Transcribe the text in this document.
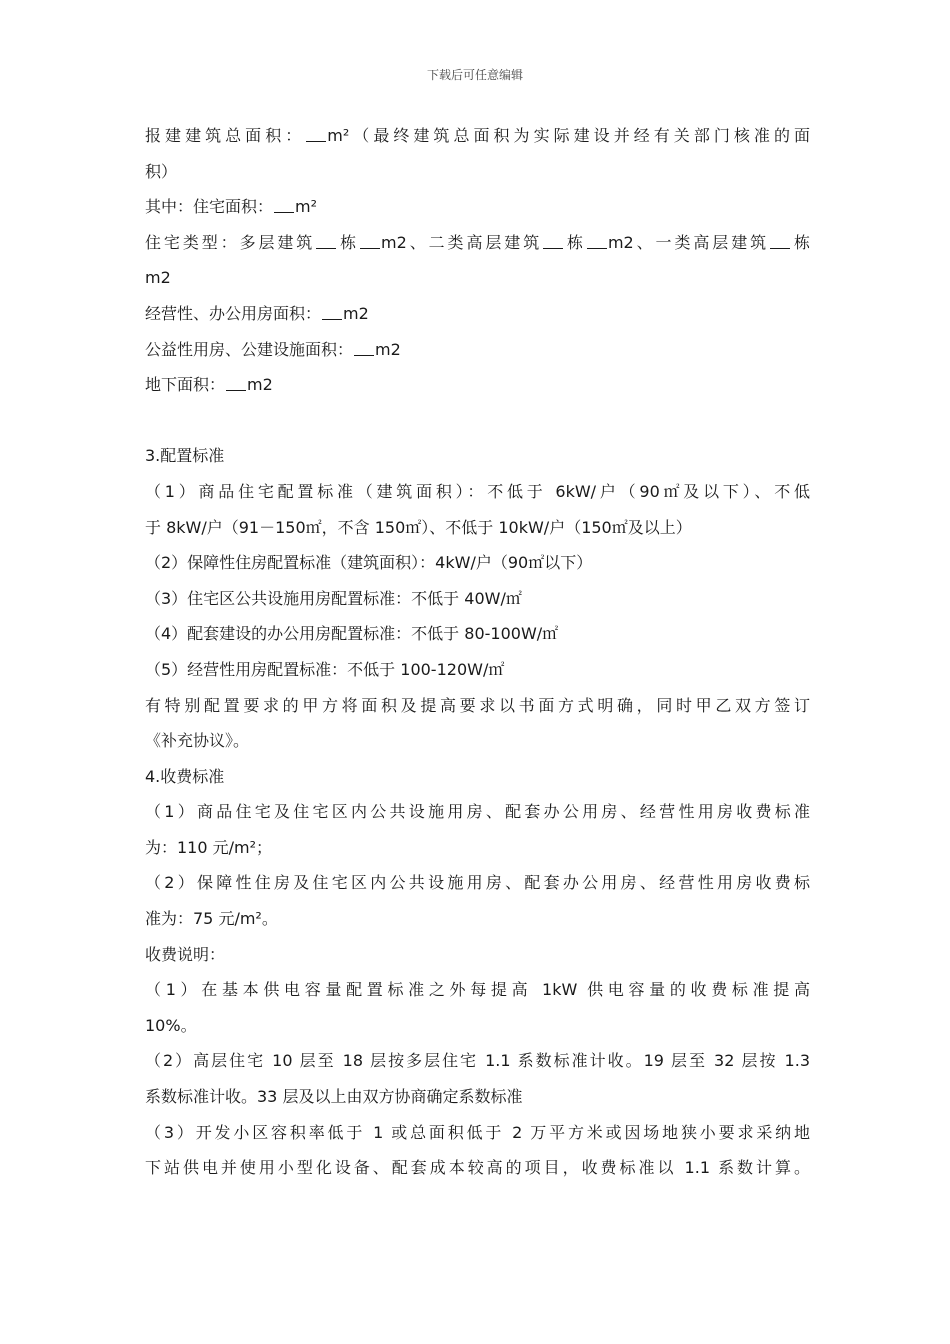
下载后可任意编辑
报建建筑总面积： m²（最终建筑总面积为实际建设并经有关部门核准的面
积）
其中：住宅面积： m²
住宅类型：多层建筑 栋 m2、二类高层建筑 栋 m2、一类高层建筑 栋
m2
经营性、办公用房面积： m2
公益性用房、公建设施面积： m2
地下面积： m2
3.配置标准
（1）商品住宅配置标准（建筑面积）：不低于 6kW/户（90㎡及以下）、不低
于 8kW/户（91－150㎡，不含 150㎡）、不低于 10kW/户（150㎡及以上）
（2）保障性住房配置标准（建筑面积）：4kW/户（90㎡以下）
（3）住宅区公共设施用房配置标准：不低于 40W/㎡
（4）配套建设的办公用房配置标准：不低于 80-100W/㎡
（5）经营性用房配置标准：不低于 100-120W/㎡
有特别配置要求的甲方将面积及提高要求以书面方式明确，同时甲乙双方签订
《补充协议》。
4.收费标准
（1）商品住宅及住宅区内公共设施用房、配套办公用房、经营性用房收费标准
为：110 元/m²；
（2）保障性住房及住宅区内公共设施用房、配套办公用房、经营性用房收费标
准为：75 元/m²。
收费说明：
（1）在基本供电容量配置标准之外每提高 1kW 供电容量的收费标准提高
10%。
（2）高层住宅 10 层至 18 层按多层住宅 1.1 系数标准计收。19 层至 32 层按 1.3
系数标准计收。33 层及以上由双方协商确定系数标准
（3）开发小区容积率低于 1 或总面积低于 2 万平方米或因场地狭小要求采纳地
下站供电并使用小型化设备、配套成本较高的项目，收费标准以 1.1 系数计算。
